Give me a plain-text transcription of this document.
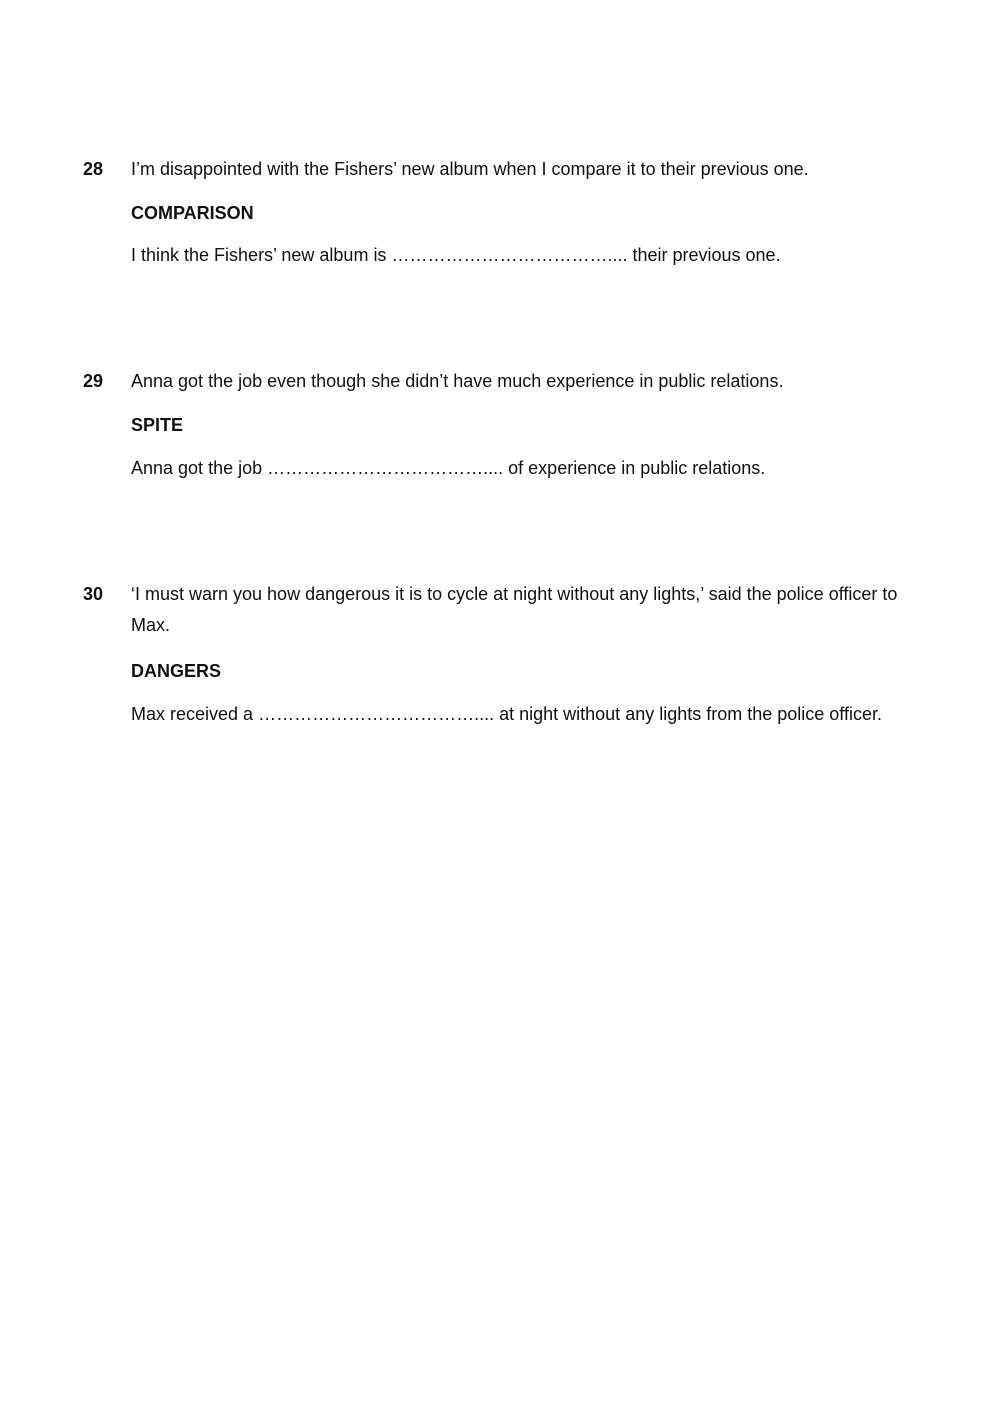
28 I’m disappointed with the Fishers’ new album when I compare it to their previous one.

COMPARISON

I think the Fishers’ new album is ……………………………….... their previous one.

29 Anna got the job even though she didn’t have much experience in public relations.

SPITE

Anna got the job ……………………………….... of experience in public relations.

30 ‘I must warn you how dangerous it is to cycle at night without any lights,’ said the police officer to Max.

DANGERS

Max received a ……………………………….... at night without any lights from the police officer.
